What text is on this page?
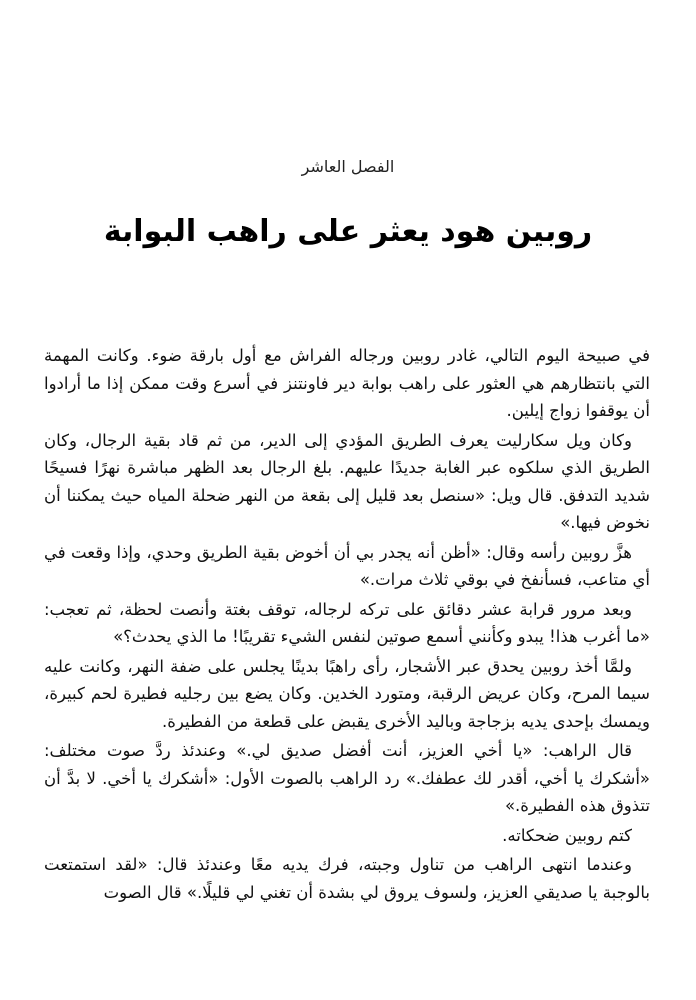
الفصل العاشر
روبين هود يعثر على راهب البوابة

في صبيحة اليوم التالي، غادر روبين ورجاله الفراش مع أول بارقة ضوء. وكانت المهمة التي بانتظارهم هي العثور على راهب بوابة دير فاونتنز في أسرع وقت ممكن إذا ما أرادوا أن يوقفوا زواج إيلين.

وكان ويل سكارليت يعرف الطريق المؤدي إلى الدير، من ثم قاد بقية الرجال، وكان الطريق الذي سلكوه عبر الغابة جديدًا عليهم. بلغ الرجال بعد الظهر مباشرة نهرًا فسيحًا شديد التدفق. قال ويل: «سنصل بعد قليل إلى بقعة من النهر ضحلة المياه حيث يمكننا أن نخوض فيها.»

هزَّ روبين رأسه وقال: «أظن أنه يجدر بي أن أخوض بقية الطريق وحدي، وإذا وقعت في أي متاعب، فسأنفخ في بوقي ثلاث مرات.»

وبعد مرور قرابة عشر دقائق على تركه لرجاله، توقف بغتة وأنصت لحظة، ثم تعجب: «ما أغرب هذا! يبدو وكأنني أسمع صوتين لنفس الشيء تقريبًا! ما الذي يحدث؟»

ولمَّا أخذ روبين يحدق عبر الأشجار، رأى راهبًا بدينًا يجلس على ضفة النهر، وكانت عليه سيما المرح، وكان عريض الرقبة، ومتورد الخدين. وكان يضع بين رجليه فطيرة لحم كبيرة، ويمسك بإحدى يديه بزجاجة وباليد الأخرى يقبض على قطعة من الفطيرة.

قال الراهب: «يا أخي العزيز، أنت أفضل صديق لي.» وعندئذ ردَّ صوت مختلف: «أشكرك يا أخي، أقدر لك عطفك.» رد الراهب بالصوت الأول: «أشكرك يا أخي. لا بدَّ أن تتذوق هذه الفطيرة.»

كتم روبين ضحكاته.

وعندما انتهى الراهب من تناول وجبته، فرك يديه معًا وعندئذ قال: «لقد استمتعت بالوجبة يا صديقي العزيز، ولسوف يروق لي بشدة أن تغني لي قليلًا.» قال الصوت
